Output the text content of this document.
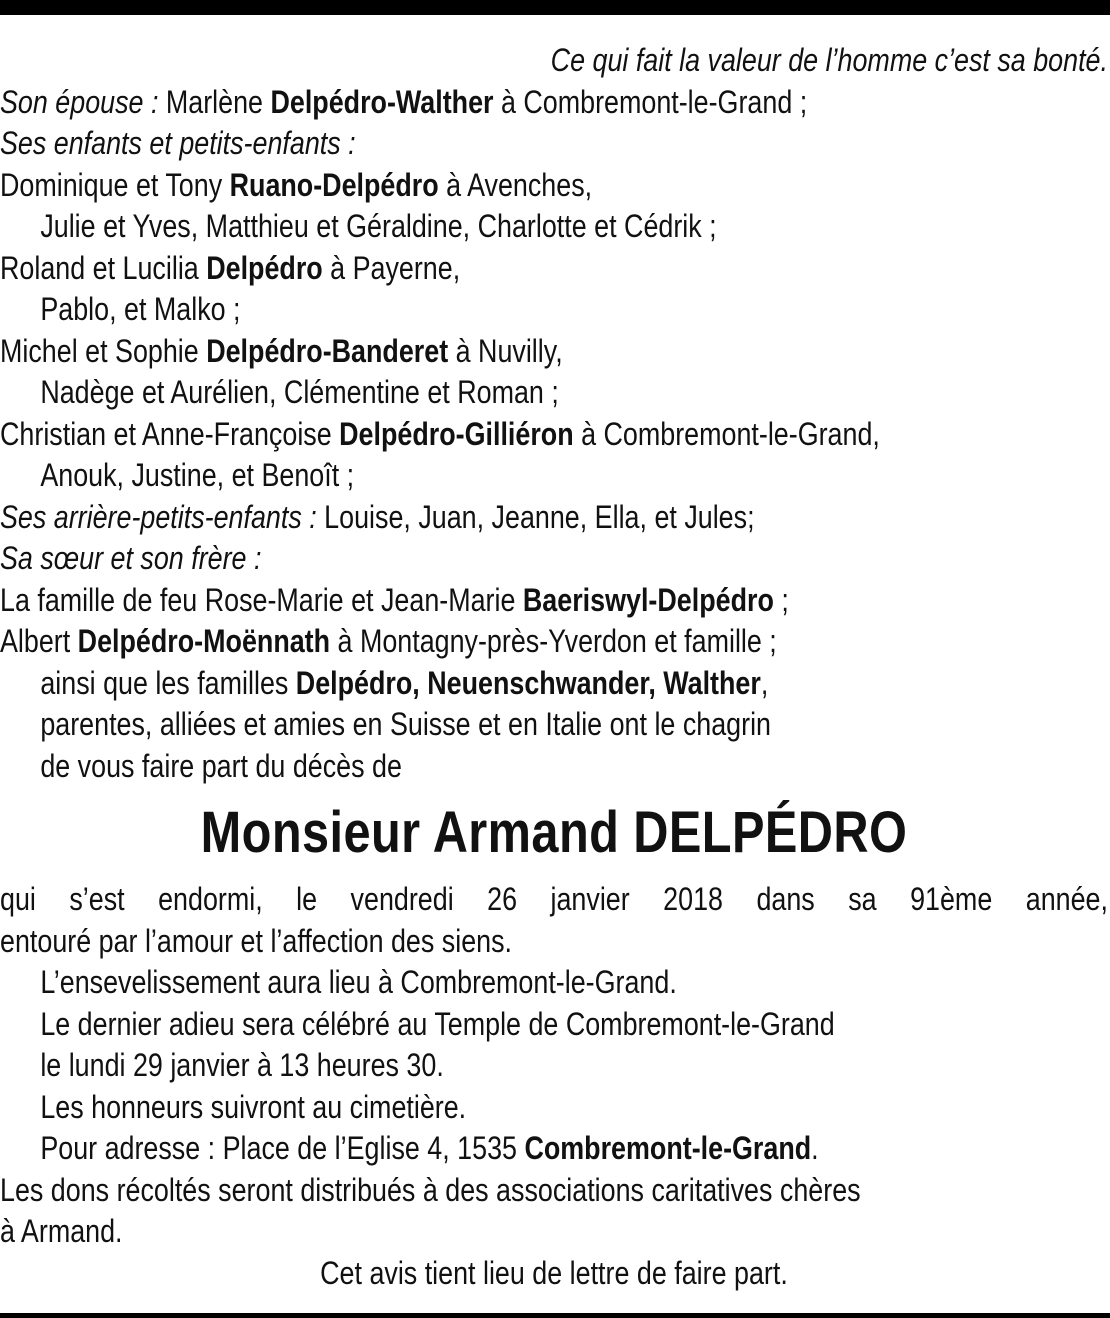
Ce qui fait la valeur de l’homme c’est sa bonté.
Son épouse : Marlène Delpédro-Walther à Combremont-le-Grand ;
Ses enfants et petits-enfants :
Dominique et Tony Ruano-Delpédro à Avenches,
Julie et Yves, Matthieu et Géraldine, Charlotte et Cédrik ;
Roland et Lucilia Delpédro à Payerne,
Pablo, et Malko ;
Michel et Sophie Delpédro-Banderet à Nuvilly,
Nadège et Aurélien, Clémentine et Roman ;
Christian et Anne-Françoise Delpédro-Gilliéron à Combremont-le-Grand,
Anouk, Justine, et Benoît ;
Ses arrière-petits-enfants : Louise, Juan, Jeanne, Ella, et Jules;
Sa sœur et son frère :
La famille de feu Rose-Marie et Jean-Marie Baeriswyl-Delpédro ;
Albert Delpédro-Moënnath à Montagny-près-Yverdon et famille ;
ainsi que les familles Delpédro, Neuenschwander, Walther,
parentes, alliées et amies en Suisse et en Italie ont le chagrin
de vous faire part du décès de
Monsieur Armand DELPÉDRO
qui s’est endormi, le vendredi 26 janvier 2018 dans sa 91ème année,
entouré par l’amour et l’affection des siens.
L’ensevelissement aura lieu à Combremont-le-Grand.
Le dernier adieu sera célébré au Temple de Combremont-le-Grand
le lundi 29 janvier à 13 heures 30.
Les honneurs suivront au cimetière.
Pour adresse : Place de l’Eglise 4, 1535 Combremont-le-Grand.
Les dons récoltés seront distribués à des associations caritatives chères
à Armand.
Cet avis tient lieu de lettre de faire part.
